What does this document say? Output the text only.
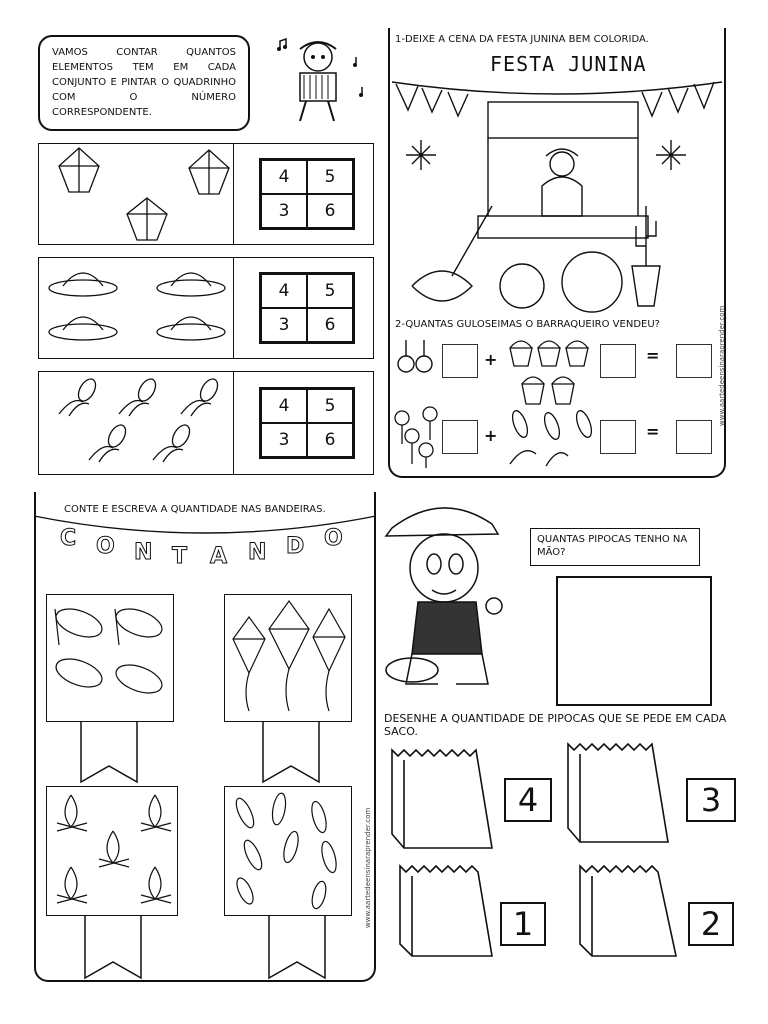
VAMOS CONTAR QUANTOS ELEMENTOS TEM EM CADA CONJUNTO E PINTAR O QUADRINHO COM O NÚMERO CORRESPONDENTE.
4	5
3	6
4	5
3	6
4	5
3	6
1-DEIXE A CENA DA FESTA JUNINA BEM COLORIDA.
FESTA JUNINA
2-QUANTAS GULOSEIMAS O BARRAQUEIRO VENDEU?
+	=
+	=
www.aartedeensinaraprender.com
CONTE E ESCREVA A QUANTIDADE NAS BANDEIRAS.
C O N T A N D O
www.aartedeensinaraprender.com
QUANTAS PIPOCAS TENHO NA MÃO?
DESENHE A QUANTIDADE DE PIPOCAS QUE SE PEDE EM CADA SACO.
4	3
1	2
